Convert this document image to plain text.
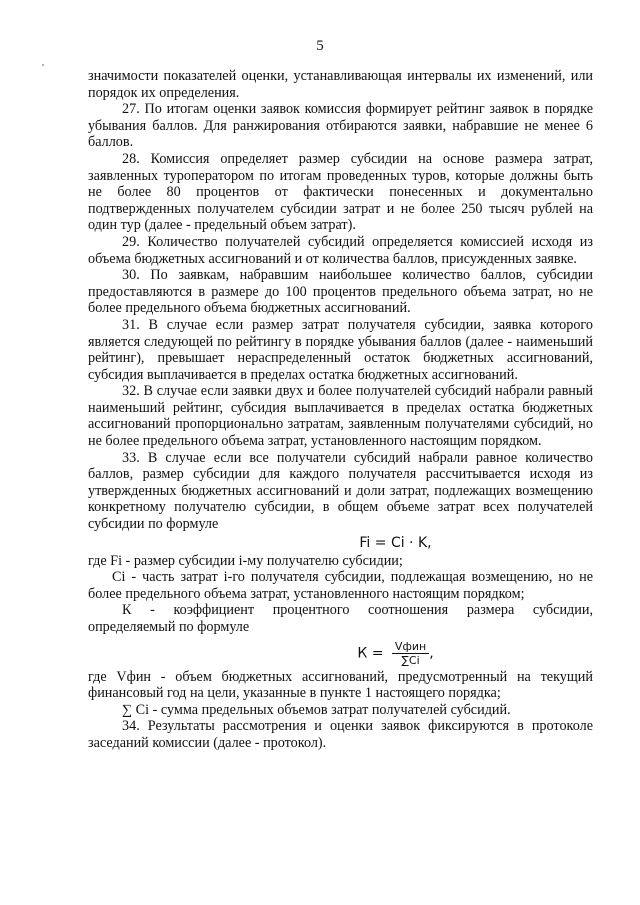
5

значимости показателей оценки, устанавливающая интервалы их изменений, или порядок их определения.

27. По итогам оценки заявок комиссия формирует рейтинг заявок в порядке убывания баллов. Для ранжирования отбираются заявки, набравшие не менее 6 баллов.

28. Комиссия определяет размер субсидии на основе размера затрат, заявленных туроператором по итогам проведенных туров, которые должны быть не более 80 процентов от фактически понесенных и документально подтвержденных получателем субсидии затрат и не более 250 тысяч рублей на один тур (далее - предельный объем затрат).

29. Количество получателей субсидий определяется комиссией исходя из объема бюджетных ассигнований и от количества баллов, присужденных заявке.

30. По заявкам, набравшим наибольшее количество баллов, субсидии предоставляются в размере до 100 процентов предельного объема затрат, но не более предельного объема бюджетных ассигнований.

31. В случае если размер затрат получателя субсидии, заявка которого является следующей по рейтингу в порядке убывания баллов (далее - наименьший рейтинг), превышает нераспределенный остаток бюджетных ассигнований, субсидия выплачивается в пределах остатка бюджетных ассигнований.

32. В случае если заявки двух и более получателей субсидий набрали равный наименьший рейтинг, субсидия выплачивается в пределах остатка бюджетных ассигнований пропорционально затратам, заявленным получателями субсидий, но не более предельного объема затрат, установленного настоящим порядком.

33. В случае если все получатели субсидий набрали равное количество баллов, размер субсидии для каждого получателя рассчитывается исходя из утвержденных бюджетных ассигнований и доли затрат, подлежащих возмещению конкретному получателю субсидии, в общем объеме затрат всех получателей субсидии по формуле

Fi = Ci · K,

где Fi - размер субсидии i-му получателю субсидии;

Ci - часть затрат i-го получателя субсидии, подлежащая возмещению, но не более предельного объема затрат, установленного настоящим порядком;

К - коэффициент процентного соотношения размера субсидии, определяемый по формуле

$К = \frac{\text{Vфин}}{\sum Ci}$ ,

где Vфин - объем бюджетных ассигнований, предусмотренный на текущий финансовый год на цели, указанные в пункте 1 настоящего порядка;

∑ Ci - сумма предельных объемов затрат получателей субсидий.

34. Результаты рассмотрения и оценки заявок фиксируются в протоколе заседаний комиссии (далее - протокол).
